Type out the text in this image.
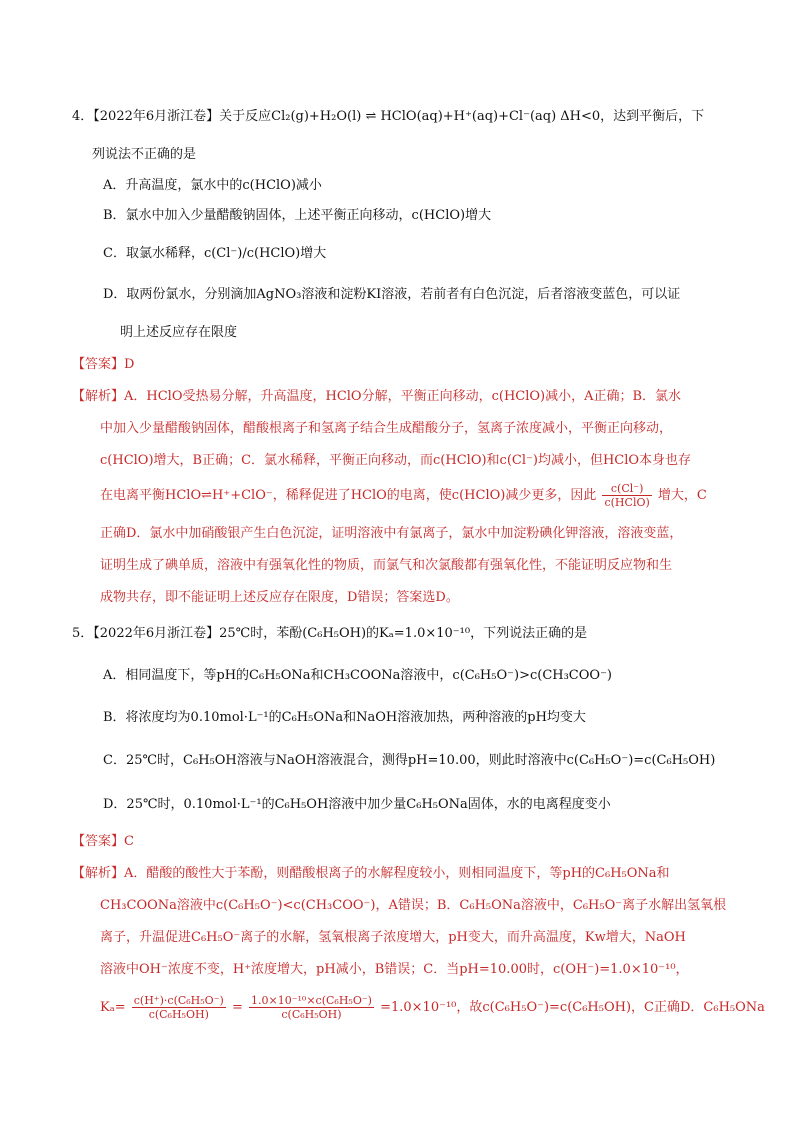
4．【2022年6月浙江卷】关于反应Cl₂(g)+H₂O(l) ⇌ HClO(aq)+H⁺(aq)+Cl⁻(aq) ΔH<0，达到平衡后，下
列说法不正确的是
A．升高温度，氯水中的c(HClO)减小
B．氯水中加入少量醋酸钠固体，上述平衡正向移动，c(HClO)增大
C．取氯水稀释，c(Cl⁻)/c(HClO)增大
D．取两份氯水，分别滴加AgNO₃溶液和淀粉KI溶液，若前者有白色沉淀，后者溶液变蓝色，可以证
明上述反应存在限度
【答案】D
【解析】A．HClO受热易分解，升高温度，HClO分解，平衡正向移动，c(HClO)减小，A正确；B．氯水
中加入少量醋酸钠固体，醋酸根离子和氢离子结合生成醋酸分子，氢离子浓度减小，平衡正向移动，
c(HClO)增大，B正确；C．氯水稀释，平衡正向移动，而c(HClO)和c(Cl⁻)均减小，但HClO本身也存
在电离平衡HClO⇌H⁺+ClO⁻，稀释促进了HClO的电离，使c(HClO)减少更多，因此 $\frac{c(Cl^-)}{\text{c(HClO)}}$ 增大，C
正确D．氯水中加硝酸银产生白色沉淀，证明溶液中有氯离子，氯水中加淀粉碘化钾溶液，溶液变蓝，
证明生成了碘单质，溶液中有强氧化性的物质，而氯气和次氯酸都有强氧化性，不能证明反应物和生
成物共存，即不能证明上述反应存在限度，D错误；答案选D。
5．【2022年6月浙江卷】25℃时，苯酚(C₆H₅OH)的Kₐ=1.0×10⁻¹⁰，下列说法正确的是
A．相同温度下，等pH的C₆H₅ONa和CH₃COONa溶液中，c(C₆H₅O⁻)>c(CH₃COO⁻)
B．将浓度均为0.10mol·L⁻¹的C₆H₅ONa和NaOH溶液加热，两种溶液的pH均变大
C．25℃时，C₆H₅OH溶液与NaOH溶液混合，测得pH=10.00，则此时溶液中c(C₆H₅O⁻)=c(C₆H₅OH)
D．25℃时，0.10mol·L⁻¹的C₆H₅OH溶液中加少量C₆H₅ONa固体，水的电离程度变小
【答案】C
【解析】A．醋酸的酸性大于苯酚，则醋酸根离子的水解程度较小，则相同温度下，等pH的C₆H₅ONa和
CH₃COONa溶液中c(C₆H₅O⁻)<c(CH₃COO⁻)，A错误；B．C₆H₅ONa溶液中，C₆H₅O⁻离子水解出氢氧根
离子，升温促进C₆H₅O⁻离子的水解，氢氧根离子浓度增大，pH变大，而升高温度，Kw增大，NaOH
溶液中OH⁻浓度不变，H⁺浓度增大，pH减小，B错误；C．当pH=10.00时，c(OH⁻)=1.0×10⁻¹⁰，
$K_a= \frac{\text{c(H⁺)·c(C₆H₅O⁻)}}{\text{c(C₆H₅OH)}} = \frac{\text{1.0×10⁻¹⁰×c(C₆H₅O⁻)}}{\text{c(C₆H₅OH)}} =1.0\times 10^{-10}$，故c(C₆H₅O⁻)=c(C₆H₅OH)，C正确D．C₆H₅ONa
